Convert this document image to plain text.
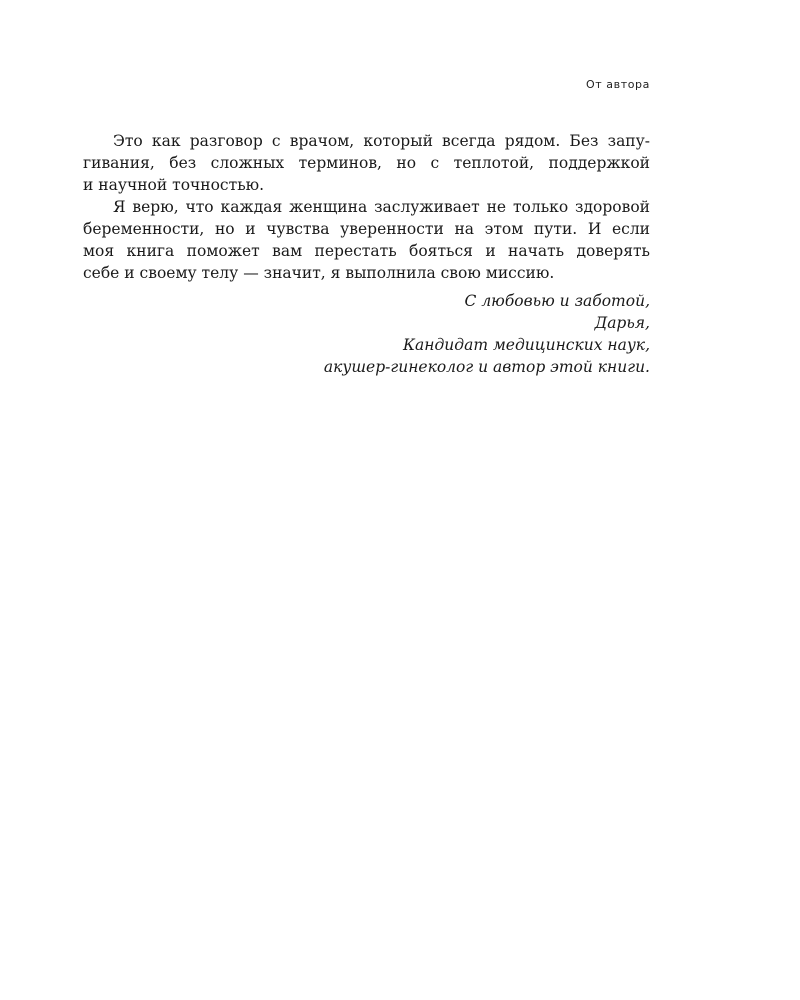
От автора
Это как разговор с врачом, который всегда рядом. Без запу-
гивания, без сложных терминов, но с теплотой, поддержкой
и научной точностью.
Я верю, что каждая женщина заслуживает не только здоровой
беременности, но и чувства уверенности на этом пути. И если
моя книга поможет вам перестать бояться и начать доверять
себе и своему телу — значит, я выполнила свою миссию.
С любовью и заботой,
Дарья,
Кандидат медицинских наук,
акушер-гинеколог и автор этой книги.
